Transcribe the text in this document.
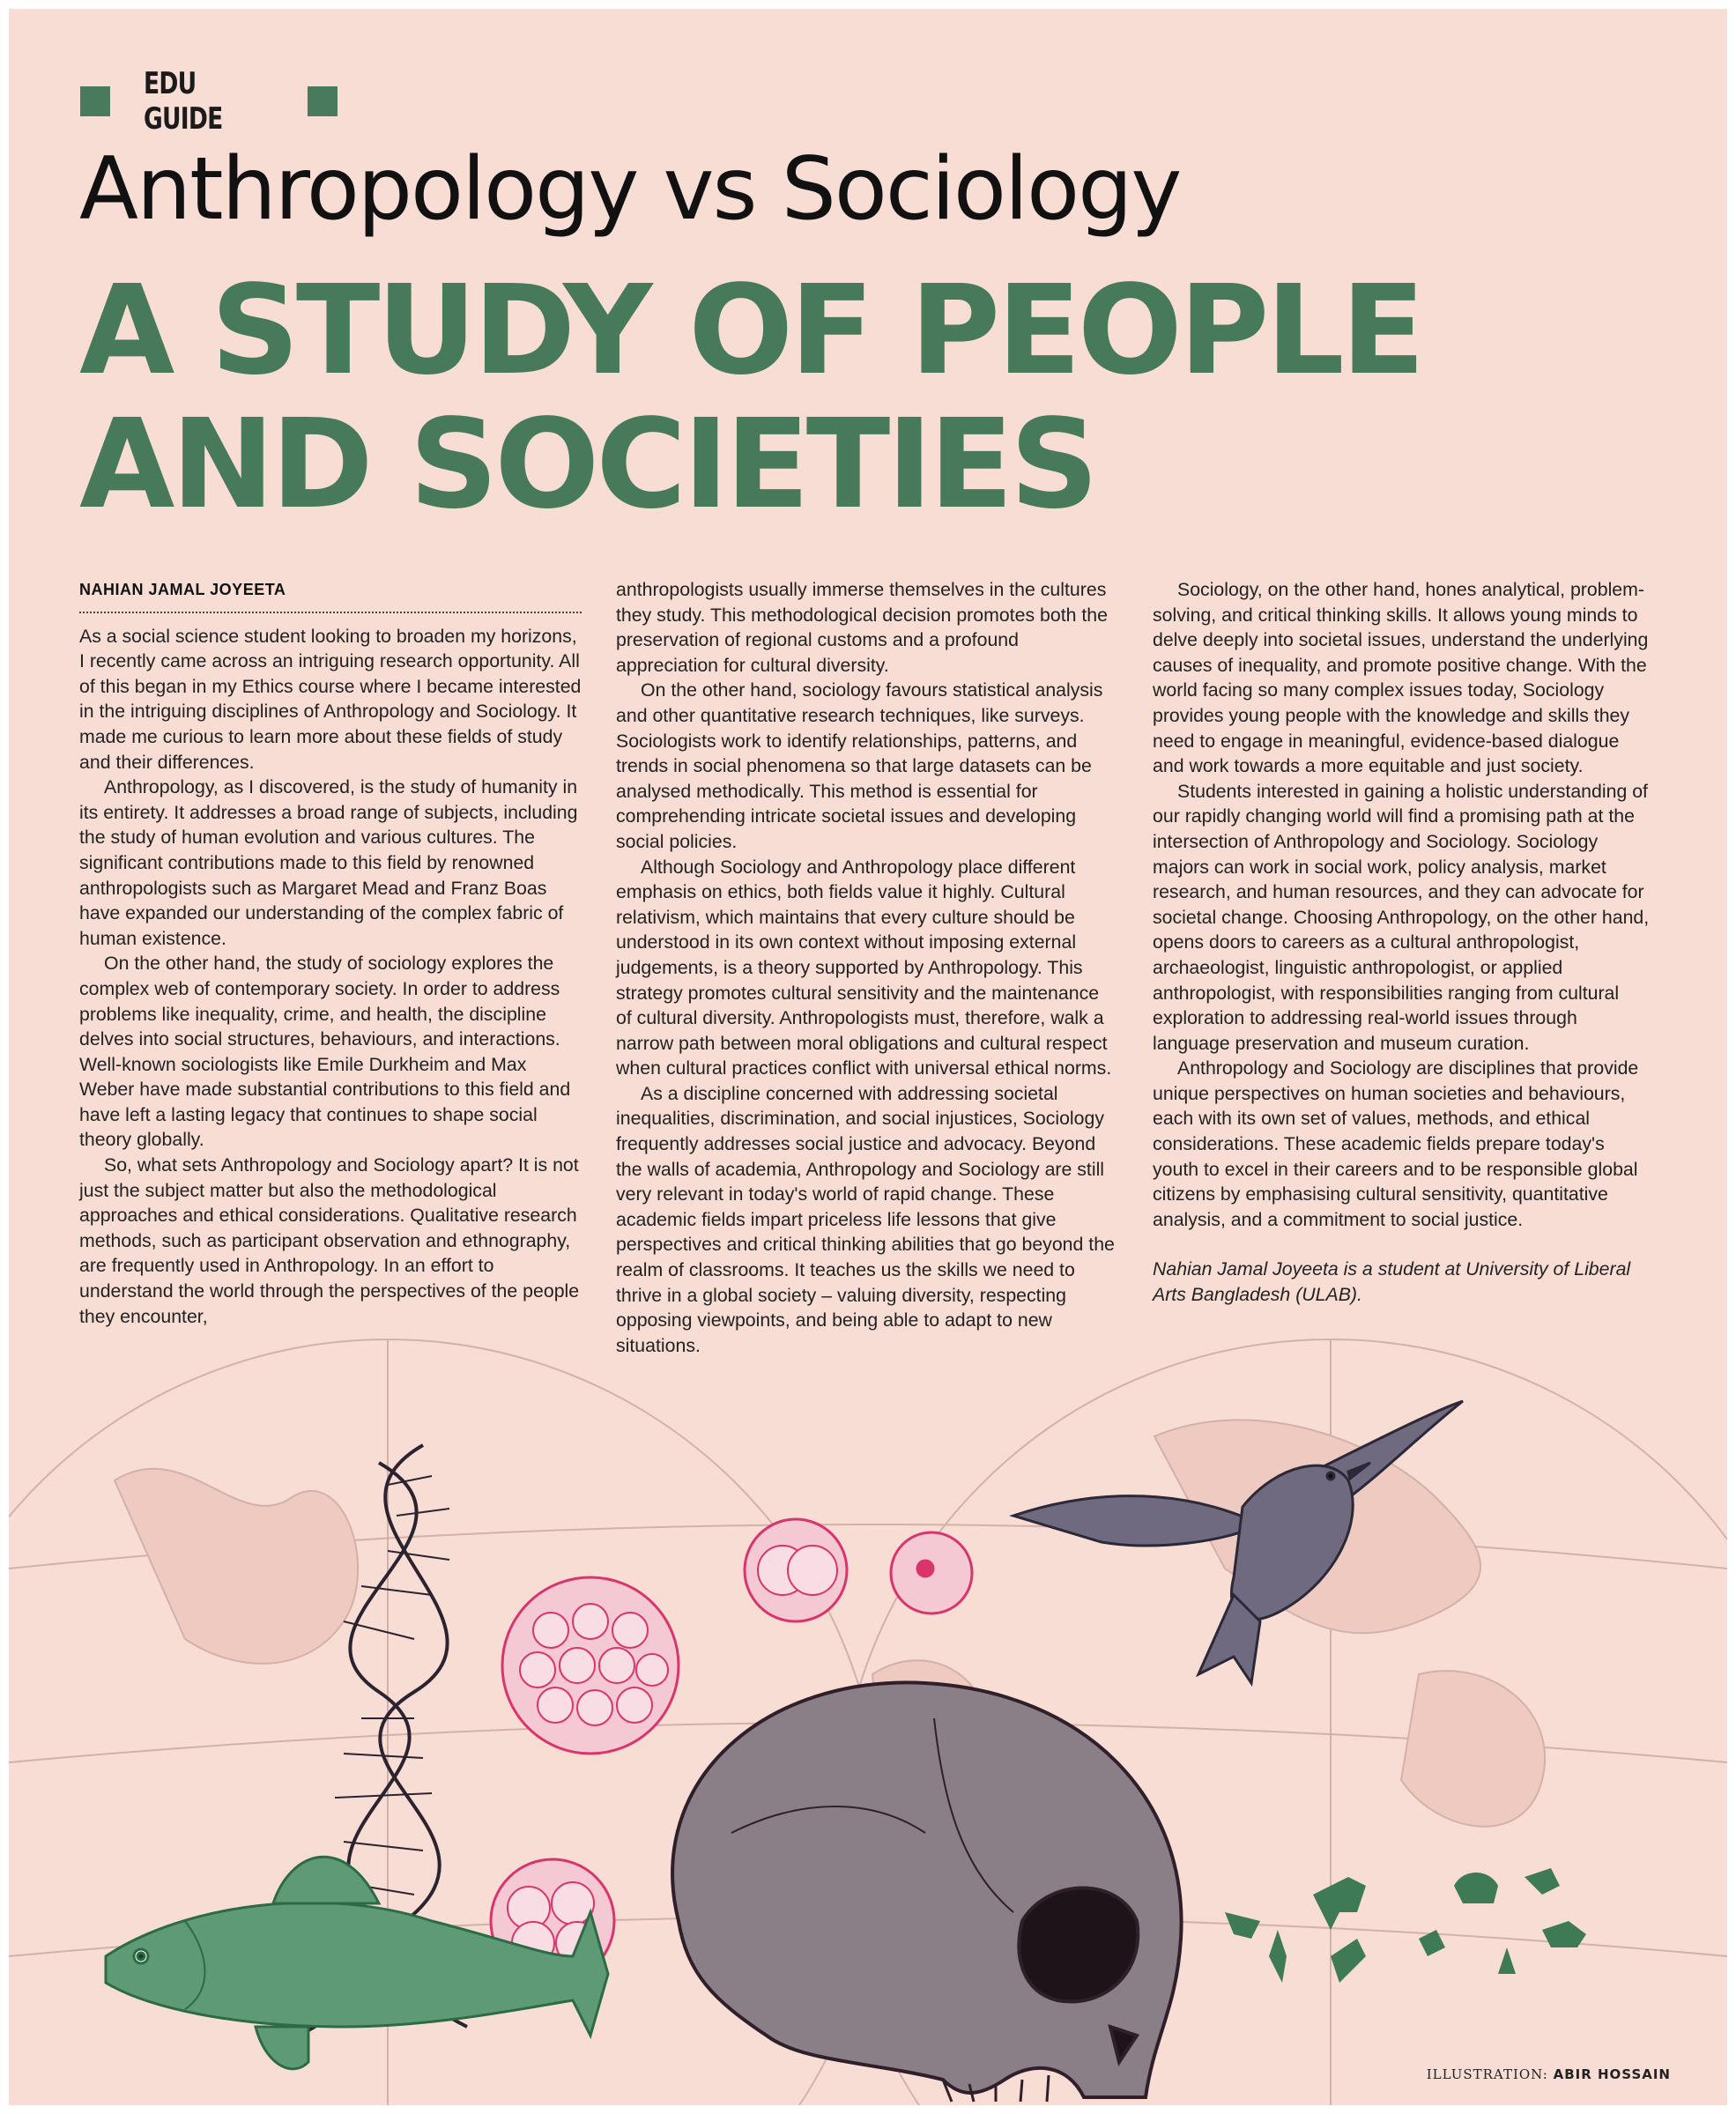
EDU GUIDE
Anthropology vs Sociology
A STUDY OF PEOPLE
AND SOCIETIES
NAHIAN JAMAL JOYEETA

As a social science student looking to broaden my horizons, I recently came across an intriguing research opportunity. All of this began in my Ethics course where I became interested in the intriguing disciplines of Anthropology and Sociology. It made me curious to learn more about these fields of study and their differences.

Anthropology, as I discovered, is the study of humanity in its entirety. It addresses a broad range of subjects, including the study of human evolution and various cultures. The significant contributions made to this field by renowned anthropologists such as Margaret Mead and Franz Boas have expanded our understanding of the complex fabric of human existence.

On the other hand, the study of sociology explores the complex web of contemporary society. In order to address problems like inequality, crime, and health, the discipline delves into social structures, behaviours, and interactions. Well-known sociologists like Emile Durkheim and Max Weber have made substantial contributions to this field and have left a lasting legacy that continues to shape social theory globally.

So, what sets Anthropology and Sociology apart? It is not just the subject matter but also the methodological approaches and ethical considerations. Qualitative research methods, such as participant observation and ethnography, are frequently used in Anthropology. In an effort to understand the world through the perspectives of the people they encounter,

anthropologists usually immerse themselves in the cultures they study. This methodological decision promotes both the preservation of regional customs and a profound appreciation for cultural diversity.

On the other hand, sociology favours statistical analysis and other quantitative research techniques, like surveys. Sociologists work to identify relationships, patterns, and trends in social phenomena so that large datasets can be analysed methodically. This method is essential for comprehending intricate societal issues and developing social policies.

Although Sociology and Anthropology place different emphasis on ethics, both fields value it highly. Cultural relativism, which maintains that every culture should be understood in its own context without imposing external judgements, is a theory supported by Anthropology. This strategy promotes cultural sensitivity and the maintenance of cultural diversity. Anthropologists must, therefore, walk a narrow path between moral obligations and cultural respect when cultural practices conflict with universal ethical norms.

As a discipline concerned with addressing societal inequalities, discrimination, and social injustices, Sociology frequently addresses social justice and advocacy. Beyond the walls of academia, Anthropology and Sociology are still very relevant in today's world of rapid change. These academic fields impart priceless life lessons that give perspectives and critical thinking abilities that go beyond the realm of classrooms. It teaches us the skills we need to thrive in a global society – valuing diversity, respecting opposing viewpoints, and being able to adapt to new situations.

Sociology, on the other hand, hones analytical, problem-solving, and critical thinking skills. It allows young minds to delve deeply into societal issues, understand the underlying causes of inequality, and promote positive change. With the world facing so many complex issues today, Sociology provides young people with the knowledge and skills they need to engage in meaningful, evidence-based dialogue and work towards a more equitable and just society.

Students interested in gaining a holistic understanding of our rapidly changing world will find a promising path at the intersection of Anthropology and Sociology. Sociology majors can work in social work, policy analysis, market research, and human resources, and they can advocate for societal change. Choosing Anthropology, on the other hand, opens doors to careers as a cultural anthropologist, archaeologist, linguistic anthropologist, or applied anthropologist, with responsibilities ranging from cultural exploration to addressing real-world issues through language preservation and museum curation.

Anthropology and Sociology are disciplines that provide unique perspectives on human societies and behaviours, each with its own set of values, methods, and ethical considerations. These academic fields prepare today's youth to excel in their careers and to be responsible global citizens by emphasising cultural sensitivity, quantitative analysis, and a commitment to social justice.

Nahian Jamal Joyeeta is a student at University of Liberal Arts Bangladesh (ULAB).

ILLUSTRATION: ABIR HOSSAIN
